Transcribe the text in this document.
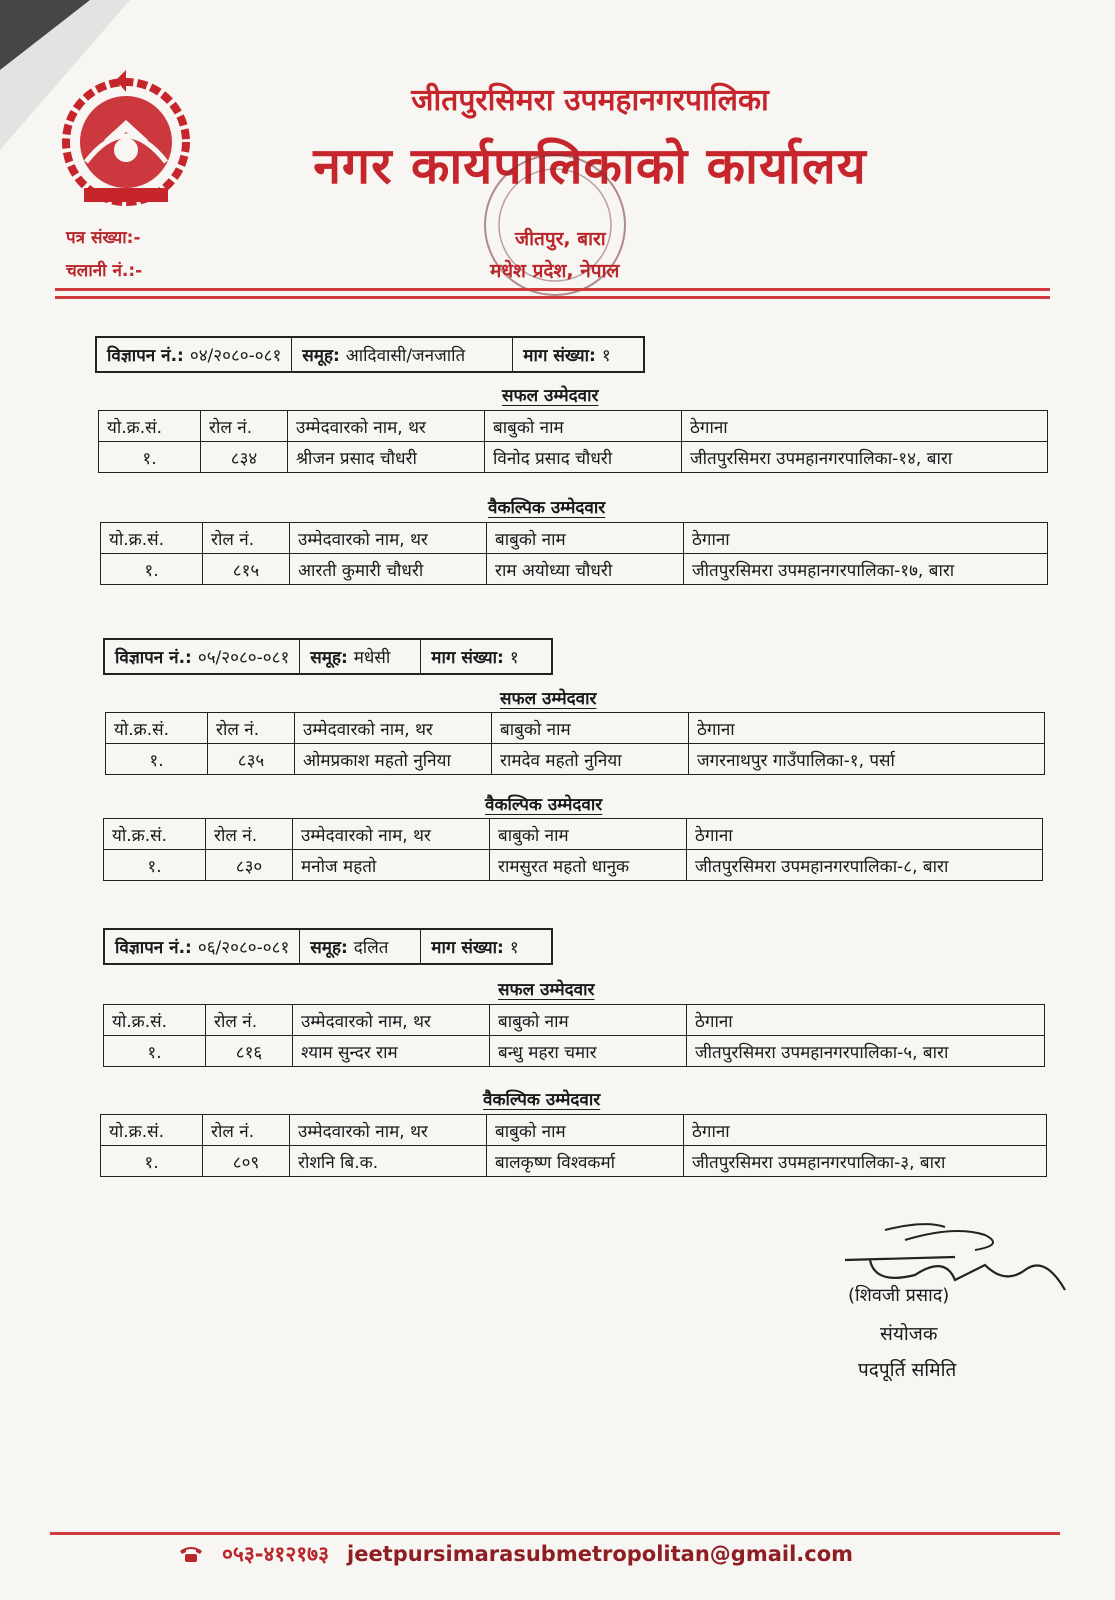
जीतपुरसिमरा उपमहानगरपालिका
नगर कार्यपालिकाको कार्यालय
पत्र संख्या:-
चलानी नं.:-
जीतपुर, बारा
मधेश प्रदेश, नेपाल
विज्ञापन नं.: ०४/२०८०-०८१ समूह: आदिवासी/जनजाति	माग संख्या: १
सफल उम्मेदवार
यो.क्र.सं.	रोल नं.	उम्मेदवारको नाम, थर	बाबुको नाम	ठेगाना
१.	८३४	श्रीजन प्रसाद चौधरी	विनोद प्रसाद चौधरी	जीतपुरसिमरा उपमहानगरपालिका-१४, बारा
वैकल्पिक उम्मेदवार
यो.क्र.सं.	रोल नं.	उम्मेदवारको नाम, थर	बाबुको नाम	ठेगाना
१.	८१५	आरती कुमारी चौधरी	राम अयोध्या चौधरी	जीतपुरसिमरा उपमहानगरपालिका-१७, बारा
विज्ञापन नं.: ०५/२०८०-०८१ समूह: मधेसी माग संख्या: १
सफल उम्मेदवार
यो.क्र.सं.	रोल नं.	उम्मेदवारको नाम, थर	बाबुको नाम	ठेगाना
१.	८३५	ओमप्रकाश महतो नुनिया	रामदेव महतो नुनिया	जगरनाथपुर गाउँपालिका-१, पर्सा
वैकल्पिक उम्मेदवार
यो.क्र.सं.	रोल नं.	उम्मेदवारको नाम, थर	बाबुको नाम	ठेगाना
१.	८३०	मनोज महतो	रामसुरत महतो धानुक	जीतपुरसिमरा उपमहानगरपालिका-८, बारा
विज्ञापन नं.: ०६/२०८०-०८१ समूह: दलित	माग संख्या: १
सफल उम्मेदवार
यो.क्र.सं.	रोल नं.	उम्मेदवारको नाम, थर	बाबुको नाम	ठेगाना
१.	८१६	श्याम सुन्दर राम	बन्धु महरा चमार	जीतपुरसिमरा उपमहानगरपालिका-५, बारा
वैकल्पिक उम्मेदवार
यो.क्र.सं.	रोल नं.	उम्मेदवारको नाम, थर	बाबुको नाम	ठेगाना
१.	८०९	रोशनि बि.क.	बालकृष्ण विश्वकर्मा	जीतपुरसिमरा उपमहानगरपालिका-३, बारा
(शिवजी प्रसाद)
संयोजक
पदपूर्ति समिति
०५३-४१२१७३ jeetpursimarasubmetropolitan@gmail.com
